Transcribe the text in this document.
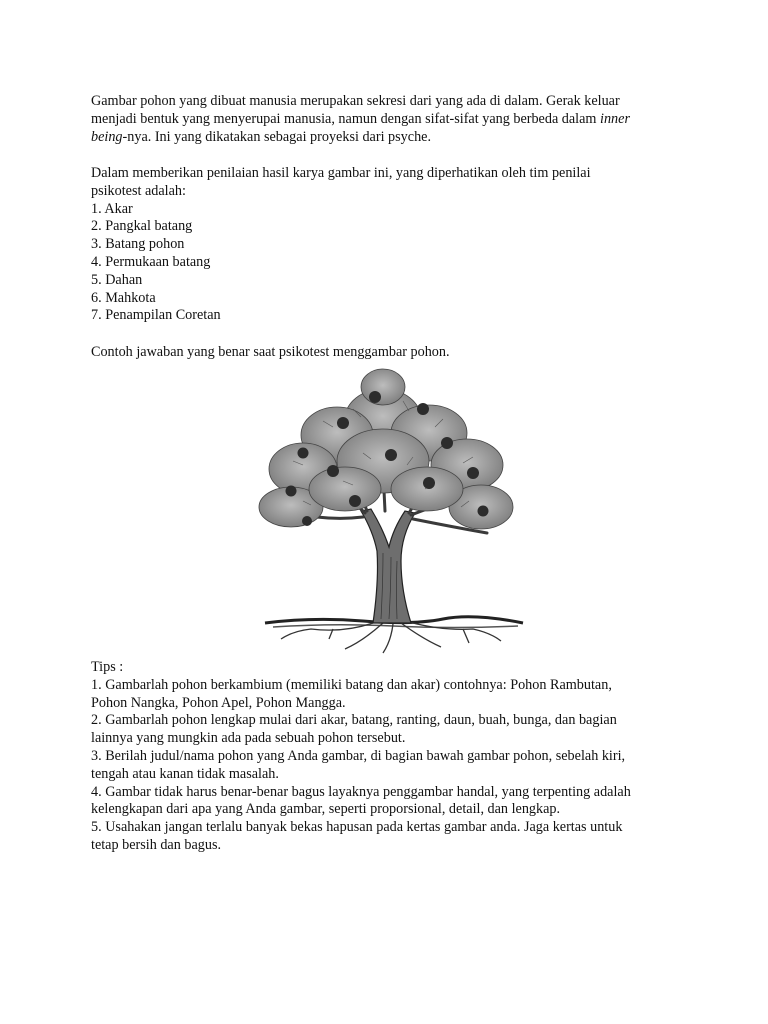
Gambar pohon yang dibuat manusia merupakan sekresi dari yang ada di dalam. Gerak keluar
menjadi bentuk yang menyerupai manusia, namun dengan sifat-sifat yang berbeda dalam inner
being-nya. Ini yang dikatakan sebagai proyeksi dari psyche.

Dalam memberikan penilaian hasil karya gambar ini, yang diperhatikan oleh tim penilai
psikotest adalah:
1. Akar
2. Pangkal batang
3. Batang pohon
4. Permukaan batang
5. Dahan
6. Mahkota
7. Penampilan Coretan

Contoh jawaban yang benar saat psikotest menggambar pohon.

Tips :
1. Gambarlah pohon berkambium (memiliki batang dan akar) contohnya: Pohon Rambutan,
Pohon Nangka, Pohon Apel, Pohon Mangga.
2. Gambarlah pohon lengkap mulai dari akar, batang, ranting, daun, buah, bunga, dan bagian
lainnya yang mungkin ada pada sebuah pohon tersebut.
3. Berilah judul/nama pohon yang Anda gambar, di bagian bawah gambar pohon, sebelah kiri,
tengah atau kanan tidak masalah.
4. Gambar tidak harus benar-benar bagus layaknya penggambar handal, yang terpenting adalah
kelengkapan dari apa yang Anda gambar, seperti proporsional, detail, dan lengkap.
5. Usahakan jangan terlalu banyak bekas hapusan pada kertas gambar anda. Jaga kertas untuk
tetap bersih dan bagus.
